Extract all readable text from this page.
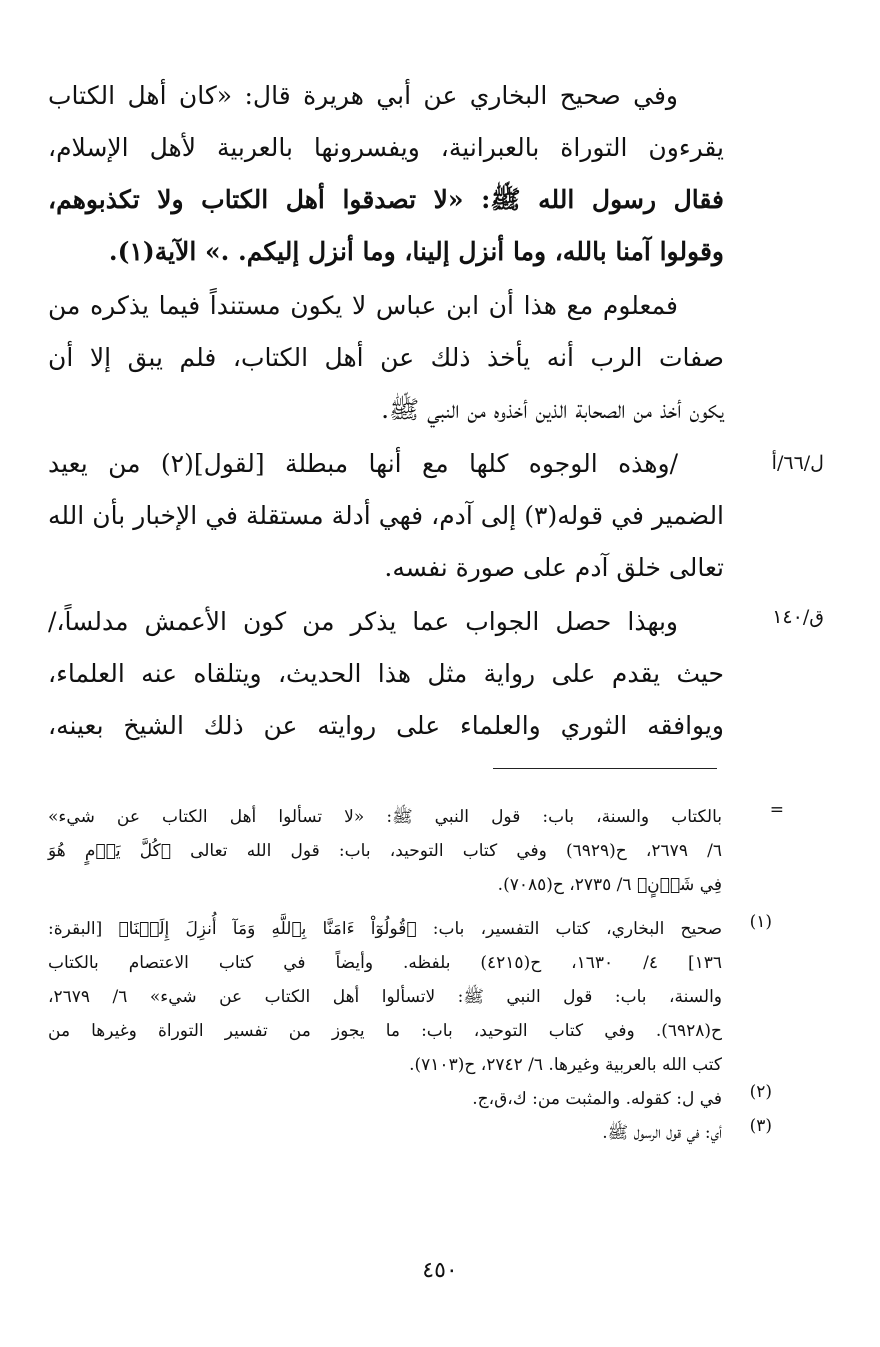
وفي صحيح البخاري عن أبي هريرة قال: «كان أهل الكتاب
يقرءون التوراة بالعبرانية، ويفسرونها بالعربية لأهل الإسلام،
فقال رسول الله ﷺ: «لا تصدقوا أهل الكتاب ولا تكذبوهم،
وقولوا آمنا بالله، وما أنزل إلينا، وما أنزل إليكم. .» الآية(١).
فمعلوم مع هذا أن ابن عباس لا يكون مستنداً فيما يذكره من
صفات الرب أنه يأخذ ذلك عن أهل الكتاب، فلم يبق إلا أن
يكون أخذ من الصحابة الذين أخذوه من النبي ﷺ.
/وهذه الوجوه كلها مع أنها مبطلة [لقول](٢) من يعيد
الضمير في قوله(٣) إلى آدم، فهي أدلة مستقلة في الإخبار بأن الله
تعالى خلق آدم على صورة نفسه.
وبهذا حصل الجواب عما يذكر من كون الأعمش مدلساً،/
حيث يقدم على رواية مثل هذا الحديث، ويتلقاه عنه العلماء،
ويوافقه الثوري والعلماء على روايته عن ذلك الشيخ بعينه،
ل/٦٦/أ
ق/١٤٠
=
بالكتاب والسنة، باب: قول النبي ﷺ: «لا تسألوا أهل الكتاب عن شيء»
٦/ ٢٦٧٩، ح(٦٩٢٩) وفي كتاب التوحيد، باب: قول الله تعالى ﴿كُلَّ يَوۡمٍ هُوَ
فِي شَأۡنٍ﴾ ٦/ ٢٧٣٥، ح(٧٠٨٥).
(١)
صحيح البخاري، كتاب التفسير، باب: ﴿قُولُوٓاْ ءَامَنَّا بِٱللَّهِ وَمَآ أُنزِلَ إِلَيۡنَا﴾ [البقرة:
١٣٦] ٤/ ١٦٣٠، ح(٤٢١٥) بلفظه. وأيضاً في كتاب الاعتصام بالكتاب
والسنة، باب: قول النبي ﷺ: لاتسألوا أهل الكتاب عن شيء» ٦/ ٢٦٧٩،
ح(٦٩٢٨). وفي كتاب التوحيد، باب: ما يجوز من تفسير التوراة وغيرها من
كتب الله بالعربية وغيرها. ٦/ ٢٧٤٢، ح(٧١٠٣).
(٢)
في ل: كقوله. والمثبت من: ك،ق،ج.
(٣)
أي: في قول الرسول ﷺ.
٤٥٠
